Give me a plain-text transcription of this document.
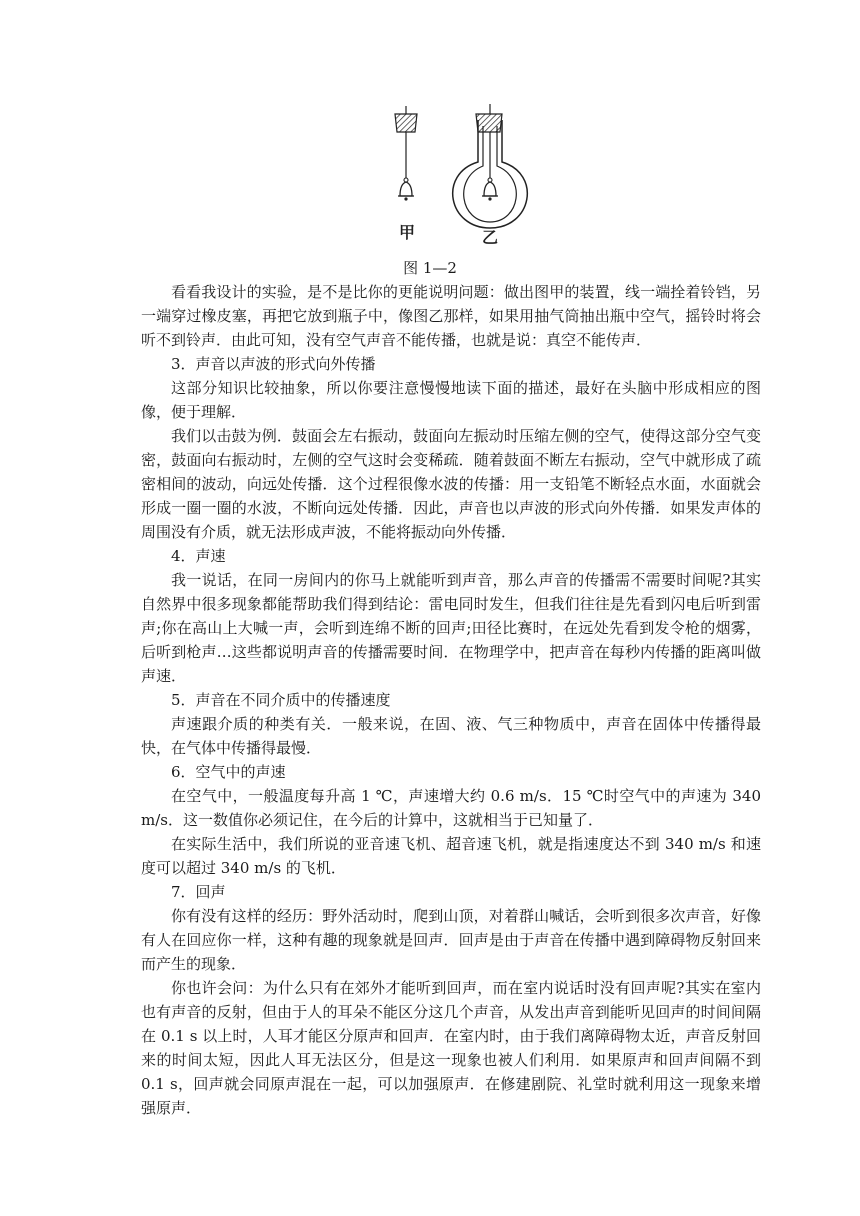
甲	乙
图 1—2

看看我设计的实验，是不是比你的更能说明问题：做出图甲的装置，线一端拴着铃铛，另一端穿过橡皮塞，再把它放到瓶子中，像图乙那样，如果用抽气筒抽出瓶中空气，摇铃时将会听不到铃声．由此可知，没有空气声音不能传播，也就是说：真空不能传声．

3．声音以声波的形式向外传播

这部分知识比较抽象，所以你要注意慢慢地读下面的描述，最好在头脑中形成相应的图像，便于理解．

我们以击鼓为例．鼓面会左右振动，鼓面向左振动时压缩左侧的空气，使得这部分空气变密，鼓面向右振动时，左侧的空气这时会变稀疏．随着鼓面不断左右振动，空气中就形成了疏密相间的波动，向远处传播．这个过程很像水波的传播：用一支铅笔不断轻点水面，水面就会形成一圈一圈的水波，不断向远处传播．因此，声音也以声波的形式向外传播．如果发声体的周围没有介质，就无法形成声波，不能将振动向外传播．

4．声速

我一说话，在同一房间内的你马上就能听到声音，那么声音的传播需不需要时间呢?其实自然界中很多现象都能帮助我们得到结论：雷电同时发生，但我们往往是先看到闪电后听到雷声;你在高山上大喊一声，会听到连绵不断的回声;田径比赛时，在远处先看到发令枪的烟雾，后听到枪声…这些都说明声音的传播需要时间．在物理学中，把声音在每秒内传播的距离叫做声速．

5．声音在不同介质中的传播速度

声速跟介质的种类有关．一般来说，在固、液、气三种物质中，声音在固体中传播得最快，在气体中传播得最慢．

6．空气中的声速

在空气中，一般温度每升高 1 ℃，声速增大约 0.6 m/s．15 ℃时空气中的声速为 340 m/s．这一数值你必须记住，在今后的计算中，这就相当于已知量了．

在实际生活中，我们所说的亚音速飞机、超音速飞机，就是指速度达不到 340 m/s 和速度可以超过 340 m/s 的飞机．

7．回声

你有没有这样的经历：野外活动时，爬到山顶，对着群山喊话，会听到很多次声音，好像有人在回应你一样，这种有趣的现象就是回声．回声是由于声音在传播中遇到障碍物反射回来而产生的现象．

你也许会问：为什么只有在郊外才能听到回声，而在室内说话时没有回声呢?其实在室内也有声音的反射，但由于人的耳朵不能区分这几个声音，从发出声音到能听见回声的时间间隔在 0.1 s 以上时，人耳才能区分原声和回声．在室内时，由于我们离障碍物太近，声音反射回来的时间太短，因此人耳无法区分，但是这一现象也被人们利用．如果原声和回声间隔不到 0.1 s，回声就会同原声混在一起，可以加强原声．在修建剧院、礼堂时就利用这一现象来增强原声．
